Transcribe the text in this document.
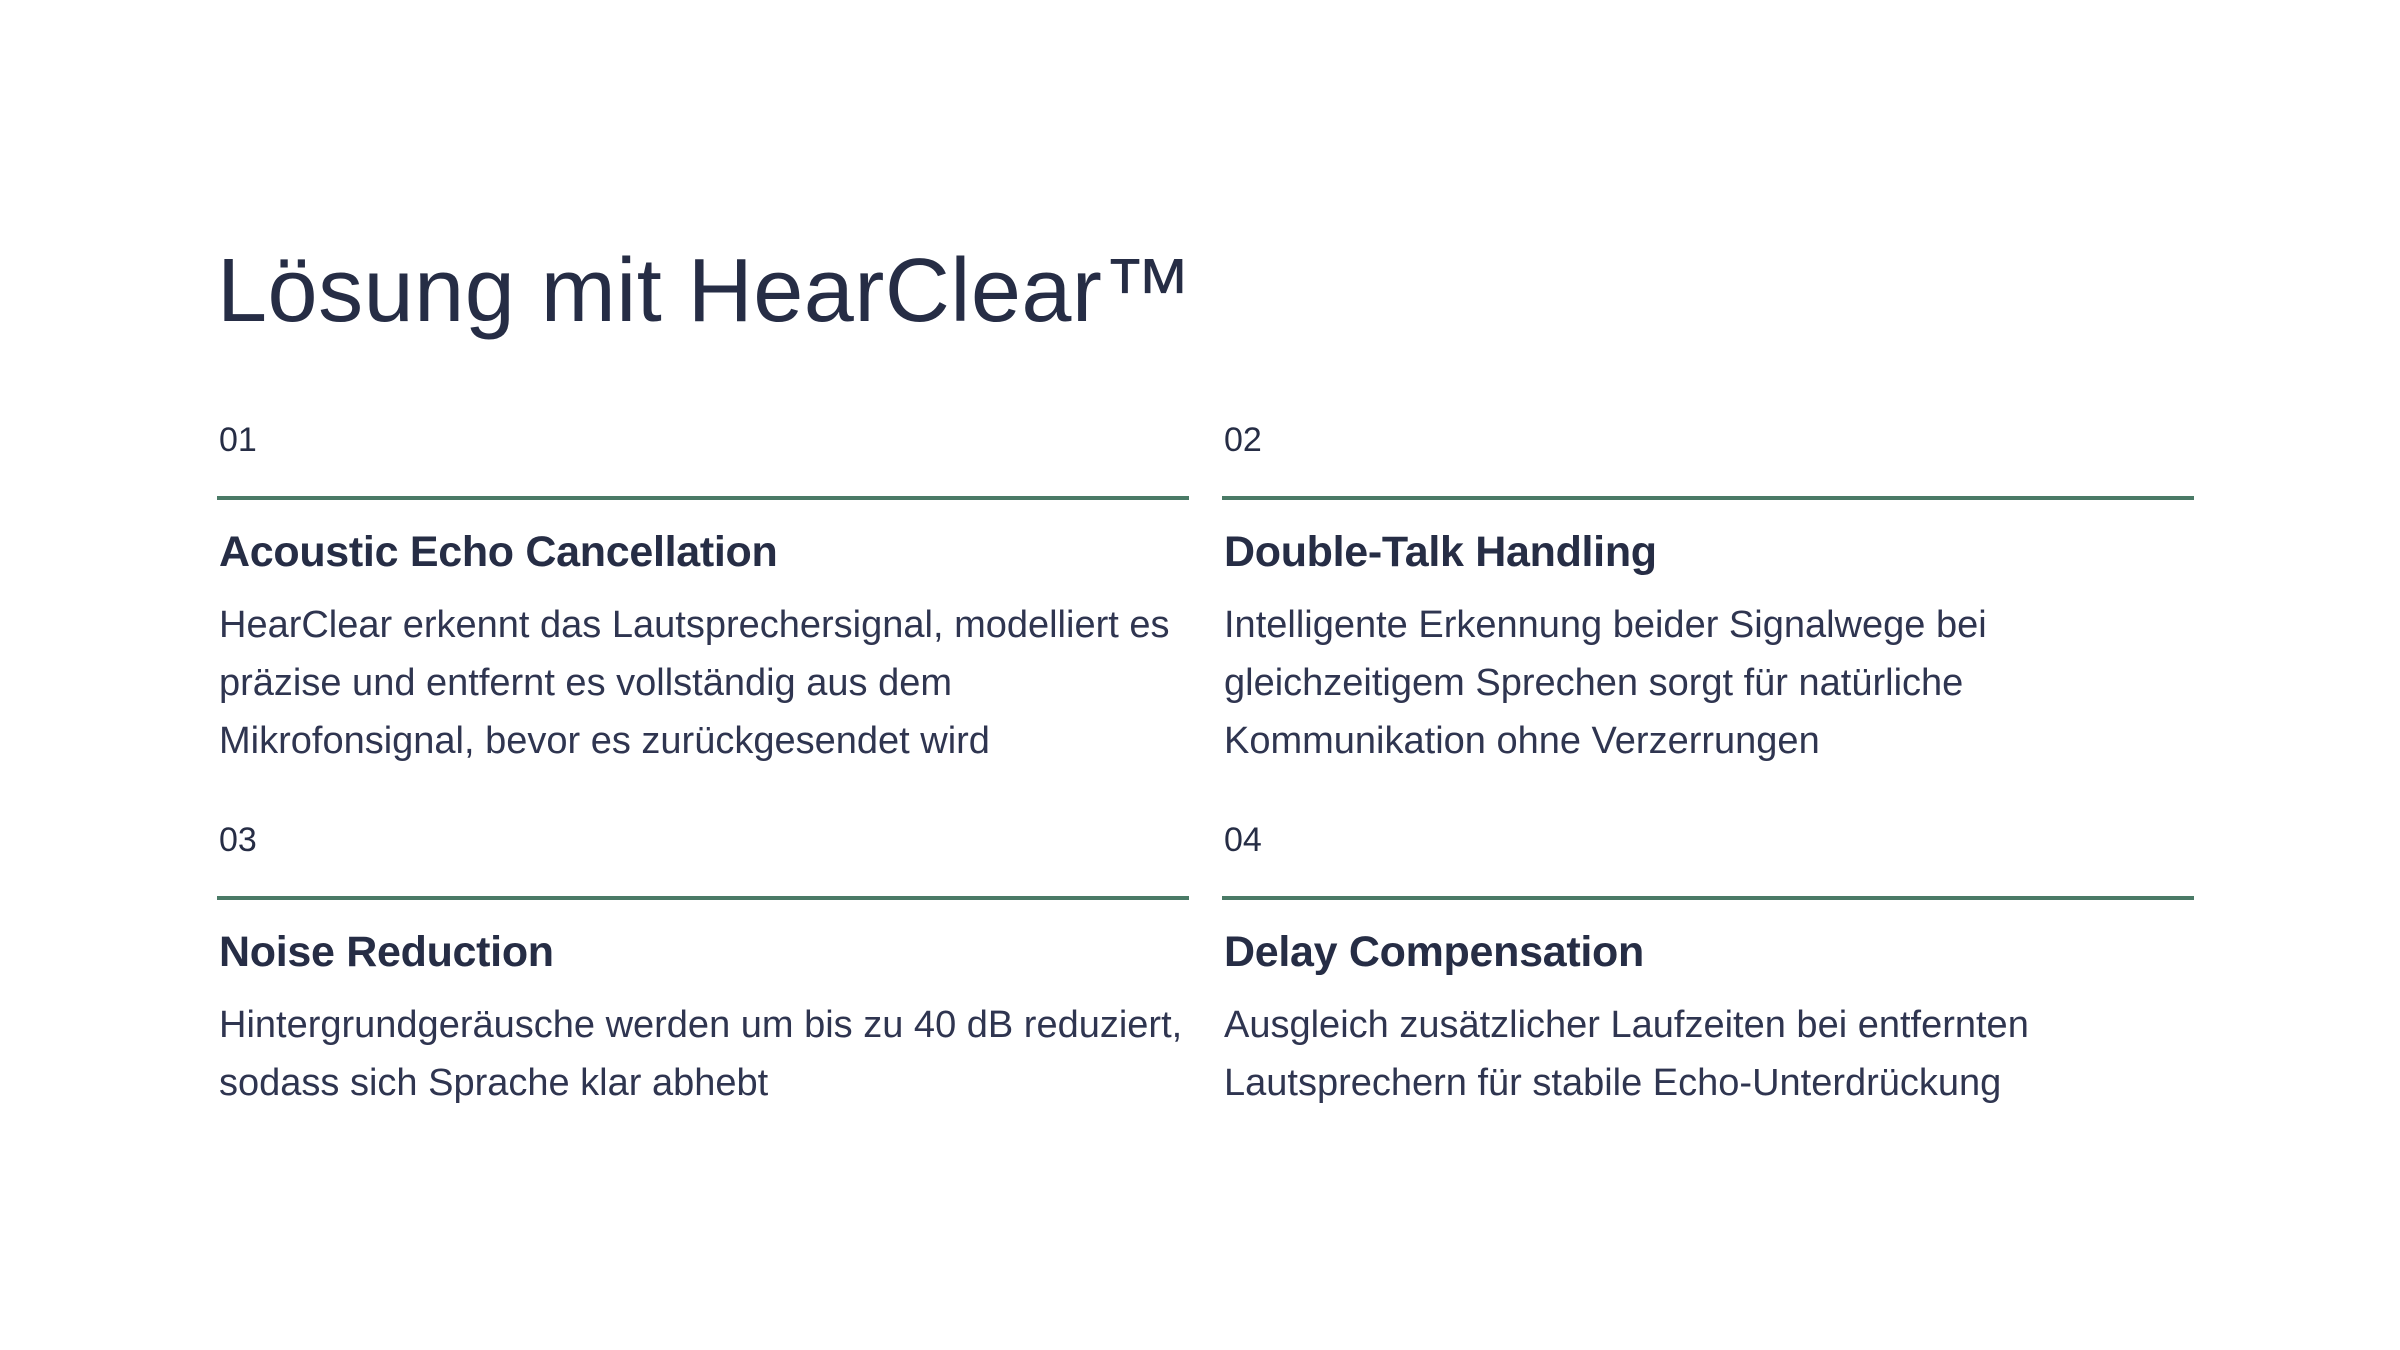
Lösung mit HearClear™
01
Acoustic Echo Cancellation

HearClear erkennt das Lautsprechersignal, modelliert es präzise und entfernt es vollständig aus dem Mikrofonsignal, bevor es zurückgesendet wird

02
Double-Talk Handling

Intelligente Erkennung beider Signalwege bei gleichzeitigem Sprechen sorgt für natürliche Kommunikation ohne Verzerrungen

03
Noise Reduction

Hintergrundgeräusche werden um bis zu 40 dB reduziert, sodass sich Sprache klar abhebt

04
Delay Compensation

Ausgleich zusätzlicher Laufzeiten bei entfernten Lautsprechern für stabile Echo-Unterdrückung
